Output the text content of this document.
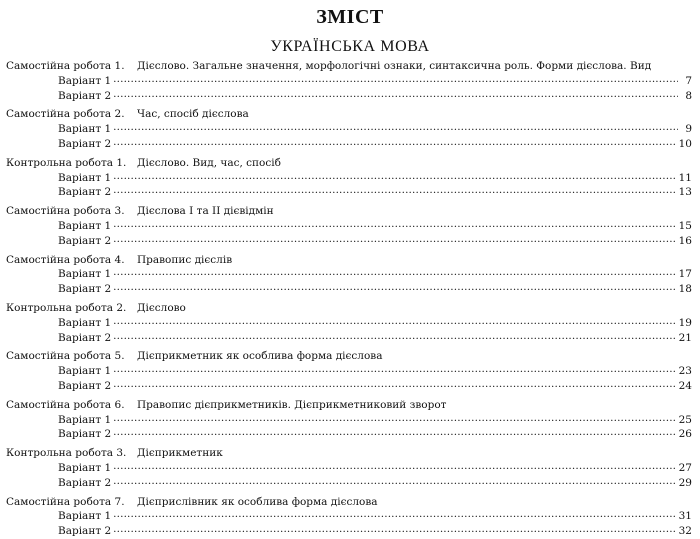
ЗМІСТ
УКРАЇНСЬКА МОВА
Самостійна робота 1.	Дієслово. Загальне значення, морфологічні ознаки, синтаксична роль. Форми дієслова. Вид
Варіант 1 . . .	7
Варіант 2 . . .	8
Самостійна робота 2.	Час, спосіб дієслова
Варіант 1 . . .	9
Варіант 2 . . .	10
Контрольна робота 1.	Дієслово. Вид, час, спосіб
Варіант 1 . . .	11
Варіант 2 . . .	13
Самостійна робота 3.	Дієслова І та ІІ дієвідмін
Варіант 1 . . .	15
Варіант 2 . . .	16
Самостійна робота 4.	Правопис дієслів
Варіант 1 . . .	17
Варіант 2 . . .	18
Контрольна робота 2.	Дієслово
Варіант 1 . . .	19
Варіант 2 . . .	21
Самостійна робота 5.	Дієприкметник як особлива форма дієслова
Варіант 1 . . .	23
Варіант 2 . . .	24
Самостійна робота 6.	Правопис дієприкметників. Дієприкметниковий зворот
Варіант 1 . . .	25
Варіант 2 . . .	26
Контрольна робота 3.	Дієприкметник
Варіант 1 . . .	27
Варіант 2 . . .	29
Самостійна робота 7.	Дієприслівник як особлива форма дієслова
Варіант 1 . . .	31
Варіант 2 . . .	32
